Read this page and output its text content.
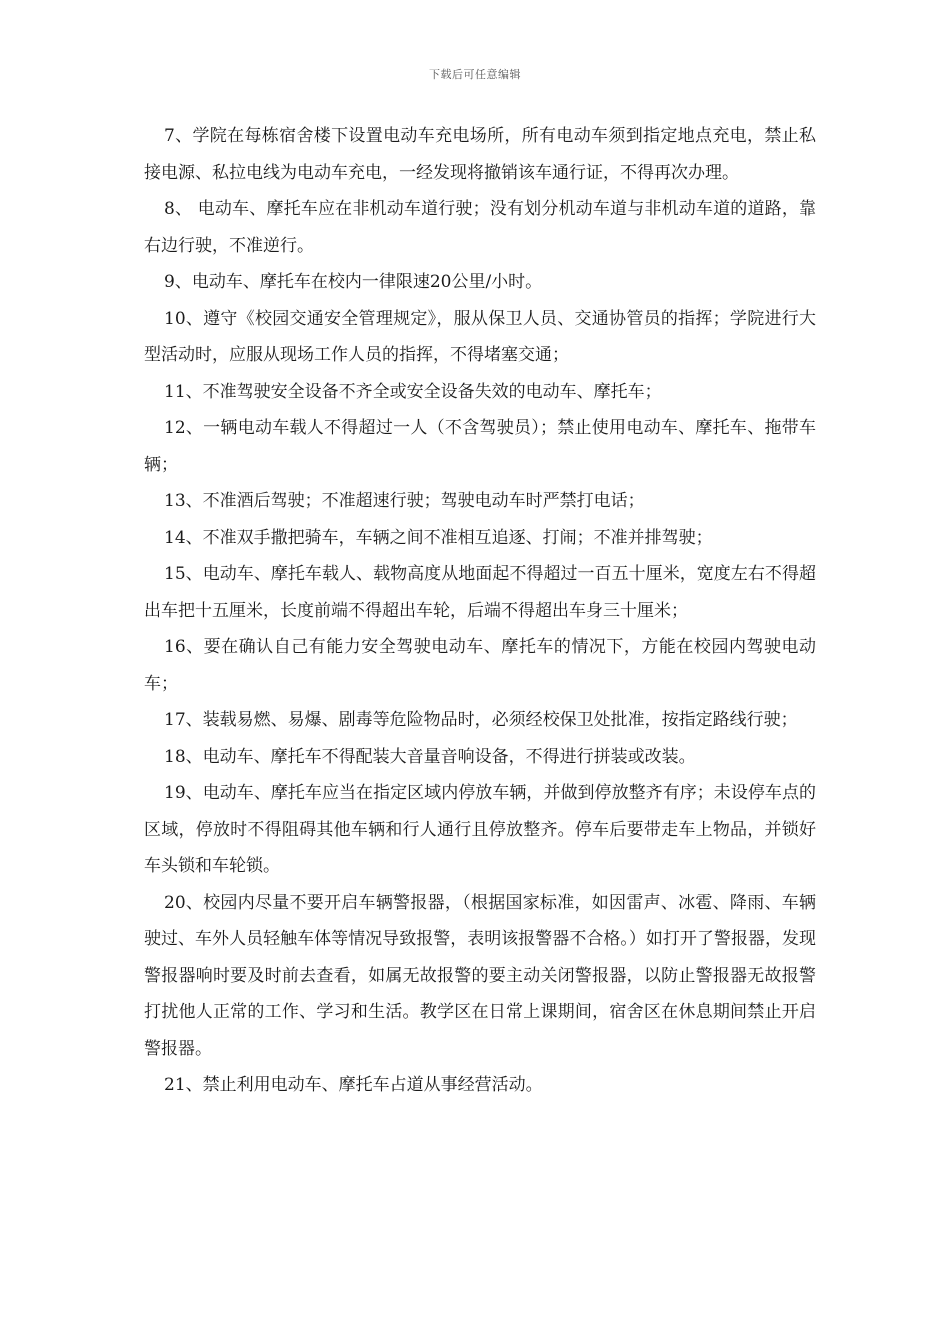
下载后可任意编辑

7、学院在每栋宿舍楼下设置电动车充电场所，所有电动车须到指定地点充电，禁止私接电源、私拉电线为电动车充电，一经发现将撤销该车通行证，不得再次办理。

8、 电动车、摩托车应在非机动车道行驶；没有划分机动车道与非机动车道的道路，靠右边行驶，不准逆行。

9、电动车、摩托车在校内一律限速20公里/小时。

10、遵守《校园交通安全管理规定》，服从保卫人员、交通协管员的指挥；学院进行大型活动时，应服从现场工作人员的指挥，不得堵塞交通；

11、不准驾驶安全设备不齐全或安全设备失效的电动车、摩托车；

12、一辆电动车载人不得超过一人（不含驾驶员）；禁止使用电动车、摩托车、拖带车辆；

13、不准酒后驾驶；不准超速行驶；驾驶电动车时严禁打电话；

14、不准双手撒把骑车，车辆之间不准相互追逐、打闹；不准并排驾驶；

15、电动车、摩托车载人、载物高度从地面起不得超过一百五十厘米，宽度左右不得超出车把十五厘米，长度前端不得超出车轮，后端不得超出车身三十厘米；

16、要在确认自己有能力安全驾驶电动车、摩托车的情况下，方能在校园内驾驶电动车；

17、装载易燃、易爆、剧毒等危险物品时，必须经校保卫处批准，按指定路线行驶；

18、电动车、摩托车不得配装大音量音响设备，不得进行拼装或改装。

19、电动车、摩托车应当在指定区域内停放车辆，并做到停放整齐有序；未设停车点的区域，停放时不得阻碍其他车辆和行人通行且停放整齐。停车后要带走车上物品，并锁好车头锁和车轮锁。

20、校园内尽量不要开启车辆警报器，（根据国家标准，如因雷声、冰雹、降雨、车辆驶过、车外人员轻触车体等情况导致报警，表明该报警器不合格。）如打开了警报器，发现警报器响时要及时前去查看，如属无故报警的要主动关闭警报器，以防止警报器无故报警打扰他人正常的工作、学习和生活。教学区在日常上课期间，宿舍区在休息期间禁止开启警报器。

21、禁止利用电动车、摩托车占道从事经营活动。
